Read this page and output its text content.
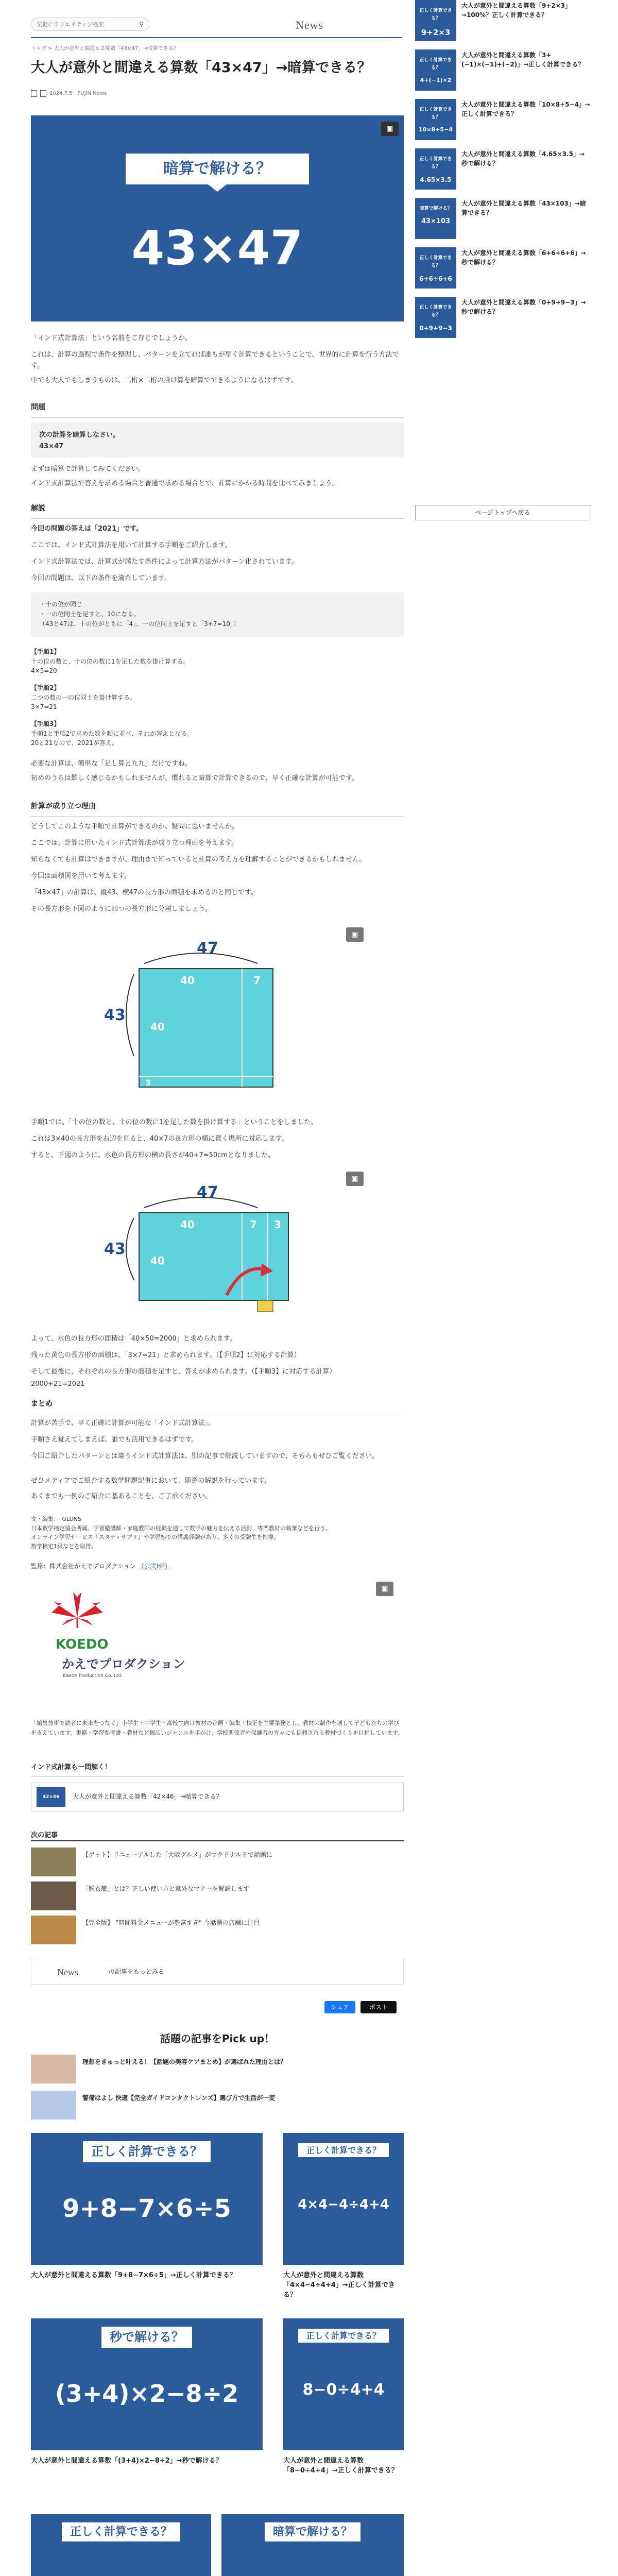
気軽にクリエイティブ検索
⚲	News
トップ > 大人が意外と間違える算数「43×47」→暗算できる？
大人が意外と間違える算数「43×47」→暗算できる？
2024.7.5　FUJIN News
暗算で解ける？
43×47
▣
「インド式計算法」という名前をご存じでしょうか。
これは、計算の過程で条件を整理し、パターンを立てれば誰もが早く計算できるということで、世界的に計算を行う方法です。
中でも大人でもしまうものは、二桁×二桁の掛け算を暗算でできるようになるはずです。
問題
次の計算を暗算しなさい。
43×47
まずは暗算で計算してみてください。
インド式計算法で答えを求める場合と普通で求める場合とで、計算にかかる時間を比べてみましょう。
解説
今回の問題の答えは「2021」です。
ここでは、インド式計算法を用いて計算する手順をご紹介します。
インド式計算法では、計算式が満たす条件によって計算方法がパターン化されています。
今回の問題は、以下の条件を満たしています。
・十の位が同じ
・一の位同士を足すと、10になる。
（43と47は、十の位がともに「4」、一の位同士を足すと「3+7=10」）
【手順1】
十の位の数と、十の位の数に1を足した数を掛け算する。
4×5=20
【手順2】
二つの数の一の位同士を掛け算する。
3×7=21
【手順3】
手順1と手順2で求めた数を順に並べ、それが答えとなる。
20と21なので、2021が答え。
必要な計算は、簡単な「足し算と九九」だけですね。
初めのうちは難しく感じるかもしれませんが、慣れると暗算で計算できるので、早く正確な計算が可能です。
計算が成り立つ理由
どうしてこのような手順で計算ができるのか、疑問に思いませんか。
ここでは、計算に用いたインド式計算法が成り立つ理由を考えます。
知らなくても計算はできますが、理由まで知っていると計算の考え方を理解することができるかもしれません。
今回は面積図を用いて考えます。
「43×47」の計算は、縦43、横47の長方形の面積を求めるのと同じです。
その長方形を下図のように四つの長方形に分割しましょう。
▣
47
43
40	7
40
3
手順1では、「十の位の数と、十の位の数に1を足した数を掛け算する」ということをしました。
これは3×40の長方形を右辺を見ると、40×7の長方形の横に置く場所に対応します。
すると、下図のように、水色の長方形の横の長さが40+7=50cmとなりました。
▣
47
43
40	7 3
40
よって、水色の長方形の面積は「40×50=2000」と求められます。
残った黄色の長方形の面積は、「3×7=21」と求められます。（【手順2】に対応する計算）
そして最後に、それぞれの長方形の面積を足すと、答えが求められます。（【手順3】に対応する計算）
2000+21=2021
まとめ
計算が苦手で、早く正確に計算が可能な「インド式計算法」。
手順さえ覚えてしまえば、誰でも活用できるはずです。
今回ご紹介したパターンとは違うインド式計算法は、別の記事で解説していますので、そちらもぜひご覧ください。
ぜひメディアでご紹介する数学問題記事において、随意の解説を行っています。
あくまでも一例のご紹介に基あることを、ご了承ください。
文・編集：　GLUNS
日本数学検定協会所属。学習塾講師・家庭教師の経験を通して数学の魅力を伝える活動、専門教材の執筆などを行う。
オンライン学習サービス『スタディサプリ』や学習塾での講義経験があり、多くの受験生を指導。
数学検定1級などを取得。
監修：株式会社かえでプロダクション （公式HP）
▣
KOEDO
かえでプロダクション
Kaede Production Co.,Ltd.
「編集技術で読者に未来をつなぐ」小学生・中学生・高校生向け教材の企画・編集・校正を主要業務とし、教材の制作を通して子どもたちの学びを支えています。書籍・学習参考書・教材など幅広いジャンルを手がけ、学校関係者や保護者の方々にも信頼される教材づくりを目指しています。
インド式計算も一問解く！
42×46	大人が意外と間違える算数「42×46」→暗算できる？
次の記事
【ゲット】リニューアルした「大阪グルメ」がマクドナルドで話題に
「脱衣籠」とは？正しい使い方と意外なマナーを解説します
【完全版】 ”時間料金メニューが豊富すぎ” 今話題の店舗に注目
News	の記事をもっとみる
シェア	ポスト
話題の記事をPick up！
理想をきゅっと叶える！【話題の美容ケアまとめ】が選ばれた理由とは？
警備はよし 快適【完全ガイドコンタクトレンズ】選び方で生活が一変
正しく計算できる？
9+8−7×6÷5
大人が意外と間違える算数「9+8−7×6÷5」→正しく計算できる？
正しく計算できる？
4×4−4÷4+4
大人が意外と間違える算数「4×4−4÷4+4」→正しく計算できる？
秒で解ける？
(3+4)×2−8÷2
大人が意外と間違える算数「(3+4)×2−8÷2」→秒で解ける？
正しく計算できる？
8−0÷4+4
大人が意外と間違える算数「8−0÷4+4」→正しく計算できる？
正しく計算できる？	暗算で解ける？
正しく計算できる？
9+2×3
大人が意外と間違える算数「9+2×3」→100%？正しく計算できる？
正しく計算できる？
4+(−1)×2
大人が意外と間違える算数「3+(−1)×(−1)+(−2)」→正しく計算できる？
正しく計算できる？
10×8÷5−4
大人が意外と間違える算数「10×8÷5−4」→正しく計算できる？
正しく計算できる？
4.65×3.5
大人が意外と間違える算数「4.65×3.5」→秒で解ける？
暗算で解ける？
43×103
大人が意外と間違える算数「43×103」→暗算できる？
正しく計算できる？
6+6÷6+6
大人が意外と間違える算数「6+6÷6+6」→秒で解ける？
正しく計算できる？
0+9+9−3
大人が意外と間違える算数「0+9+9−3」→秒で解ける？
ページトップへ戻る
